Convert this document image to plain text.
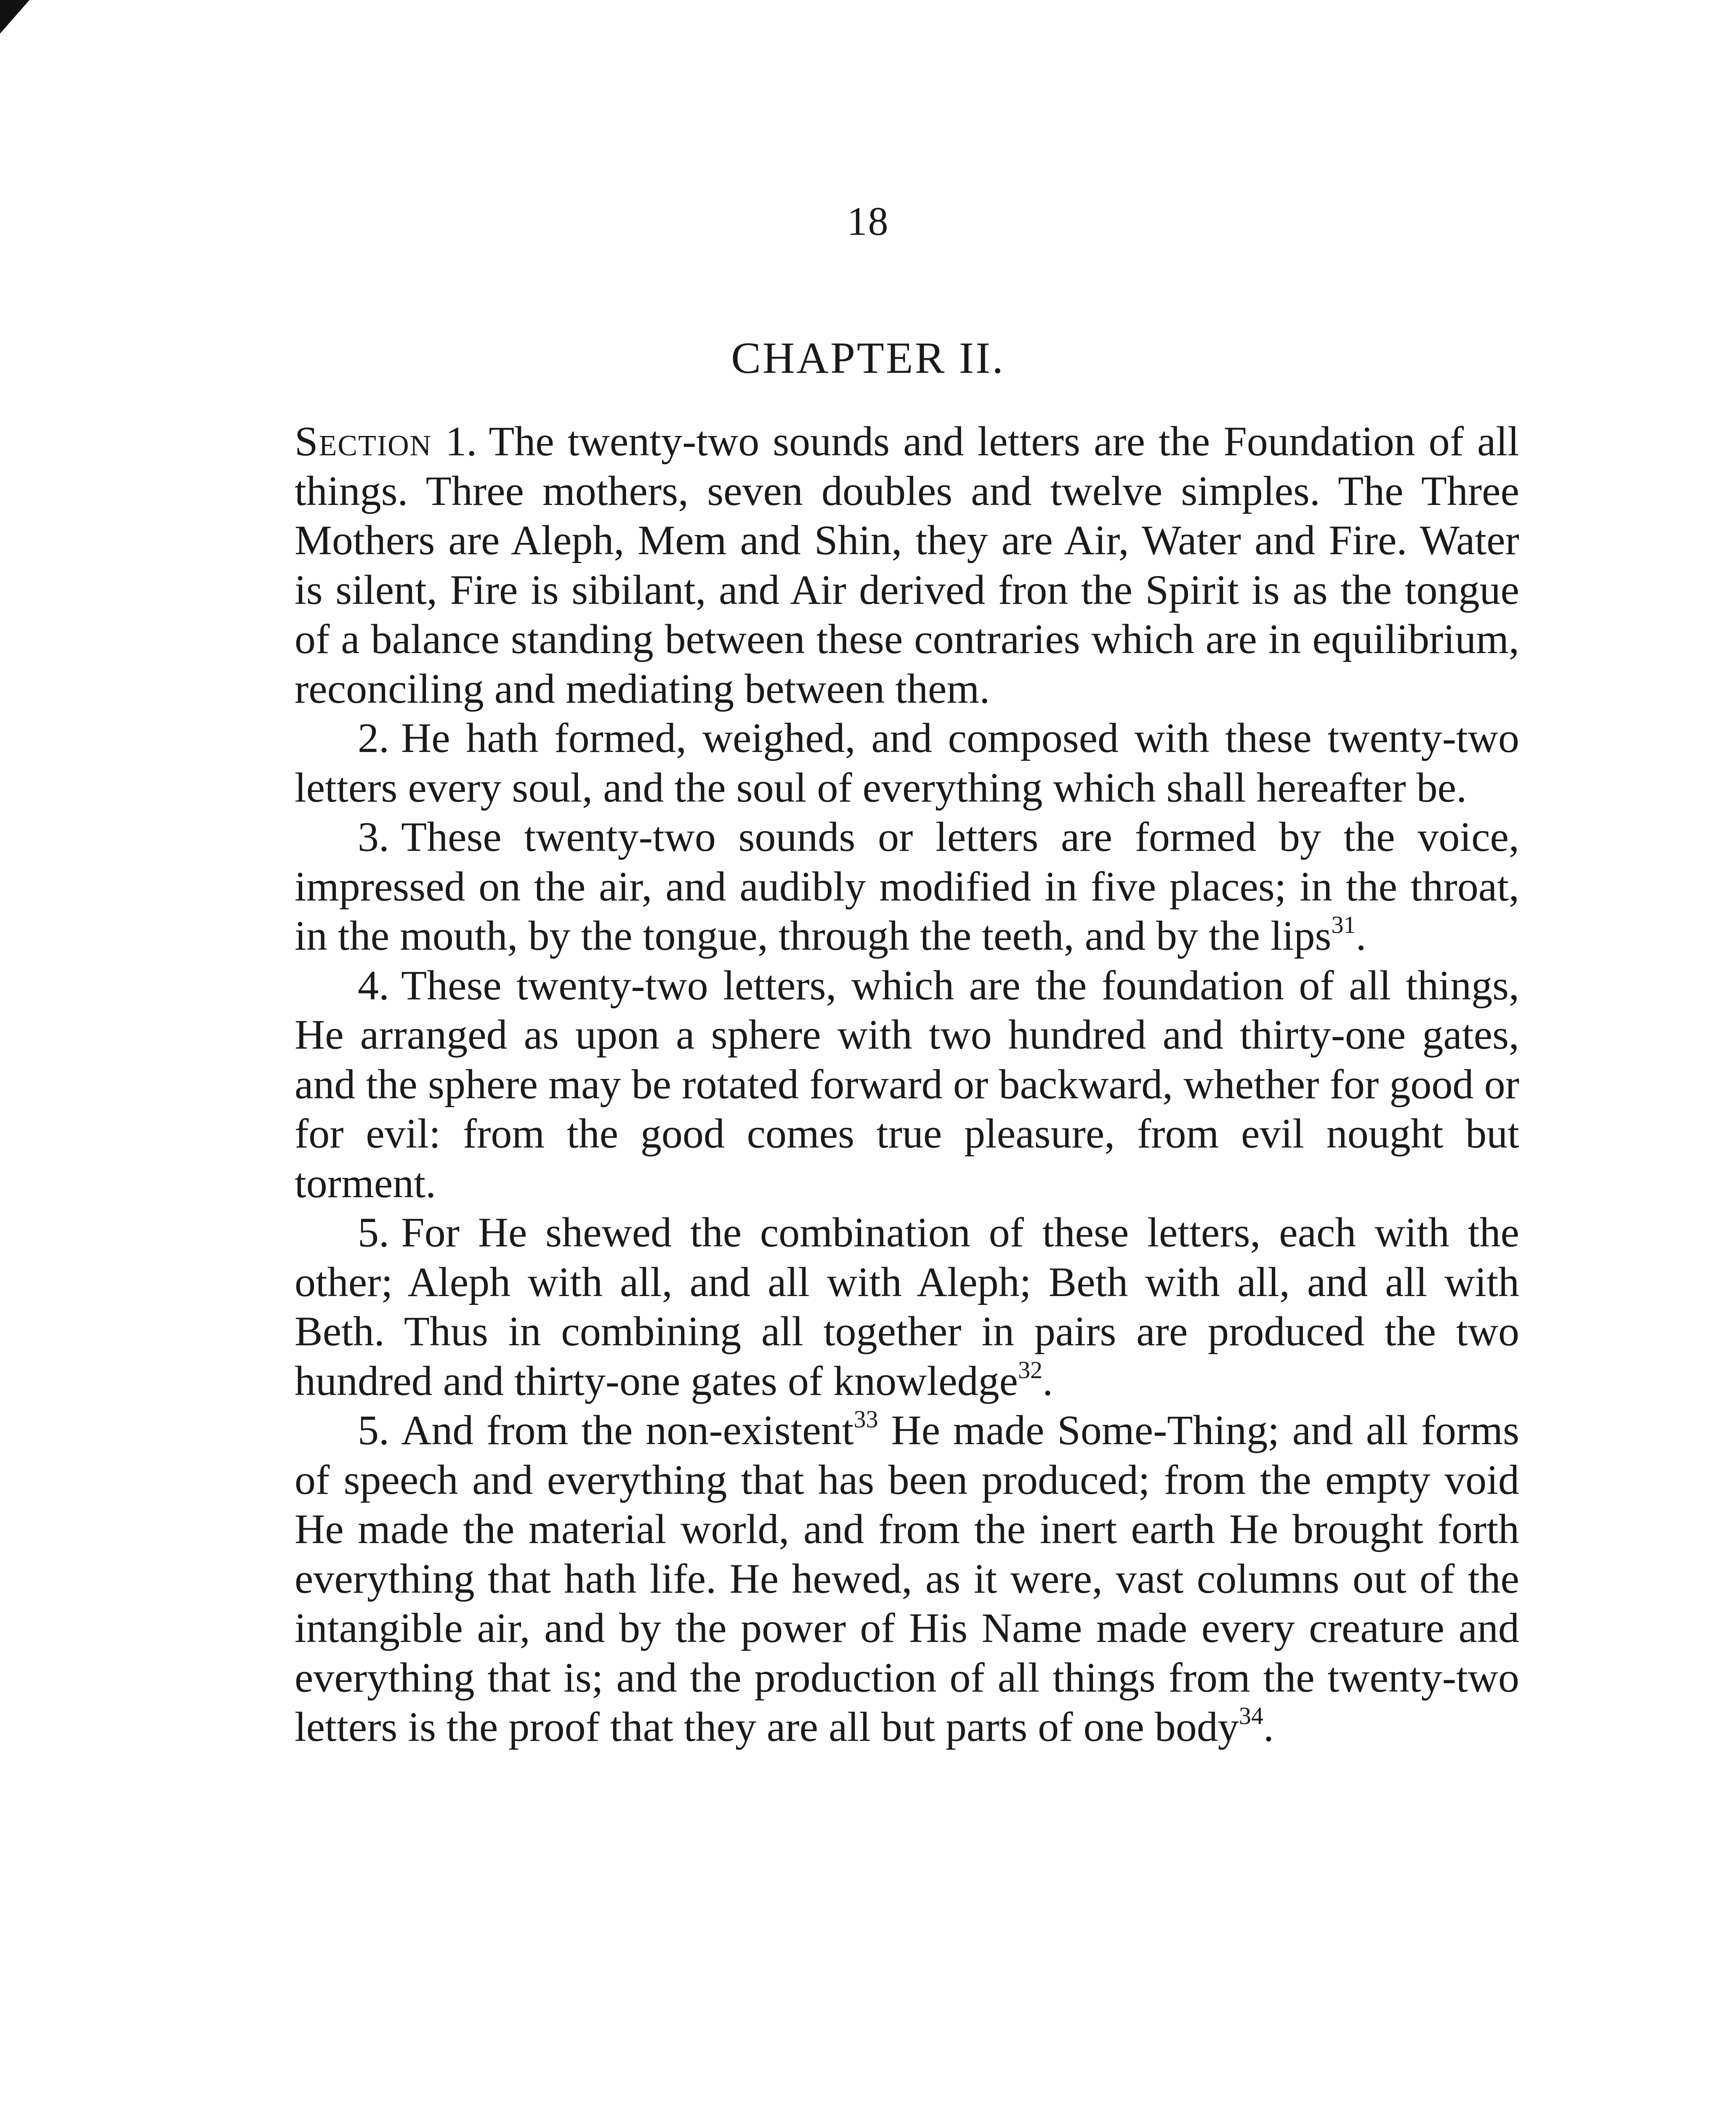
18
CHAPTER II.

Section 1. The twenty-two sounds and letters are the Foundation of all things. Three mothers, seven doubles and twelve simples. The Three Mothers are Aleph, Mem and Shin, they are Air, Water and Fire. Water is silent, Fire is sibilant, and Air derived fron the Spirit is as the tongue of a balance standing between these contraries which are in equilibrium, reconciling and mediating between them.

2. He hath formed, weighed, and composed with these twenty-two letters every soul, and the soul of everything which shall hereafter be.

3. These twenty-two sounds or letters are formed by the voice, impressed on the air, and audibly modified in five places; in the throat, in the mouth, by the tongue, through the teeth, and by the lips$^{31}$.

4. These twenty-two letters, which are the foundation of all things, He arranged as upon a sphere with two hundred and thirty-one gates, and the sphere may be rotated forward or backward, whether for good or for evil: from the good comes true pleasure, from evil nought but torment.

5. For He shewed the combination of these letters, each with the other; Aleph with all, and all with Aleph; Beth with all, and all with Beth. Thus in combining all together in pairs are produced the two hundred and thirty-one gates of knowledge$^{32}$.

5. And from the non-existent$^{33}$ He made Some-Thing; and all forms of speech and everything that has been produced; from the empty void He made the material world, and from the inert earth He brought forth everything that hath life. He hewed, as it were, vast columns out of the intangible air, and by the power of His Name made every creature and everything that is; and the production of all things from the twenty-two letters is the proof that they are all but parts of one body$^{34}$.
